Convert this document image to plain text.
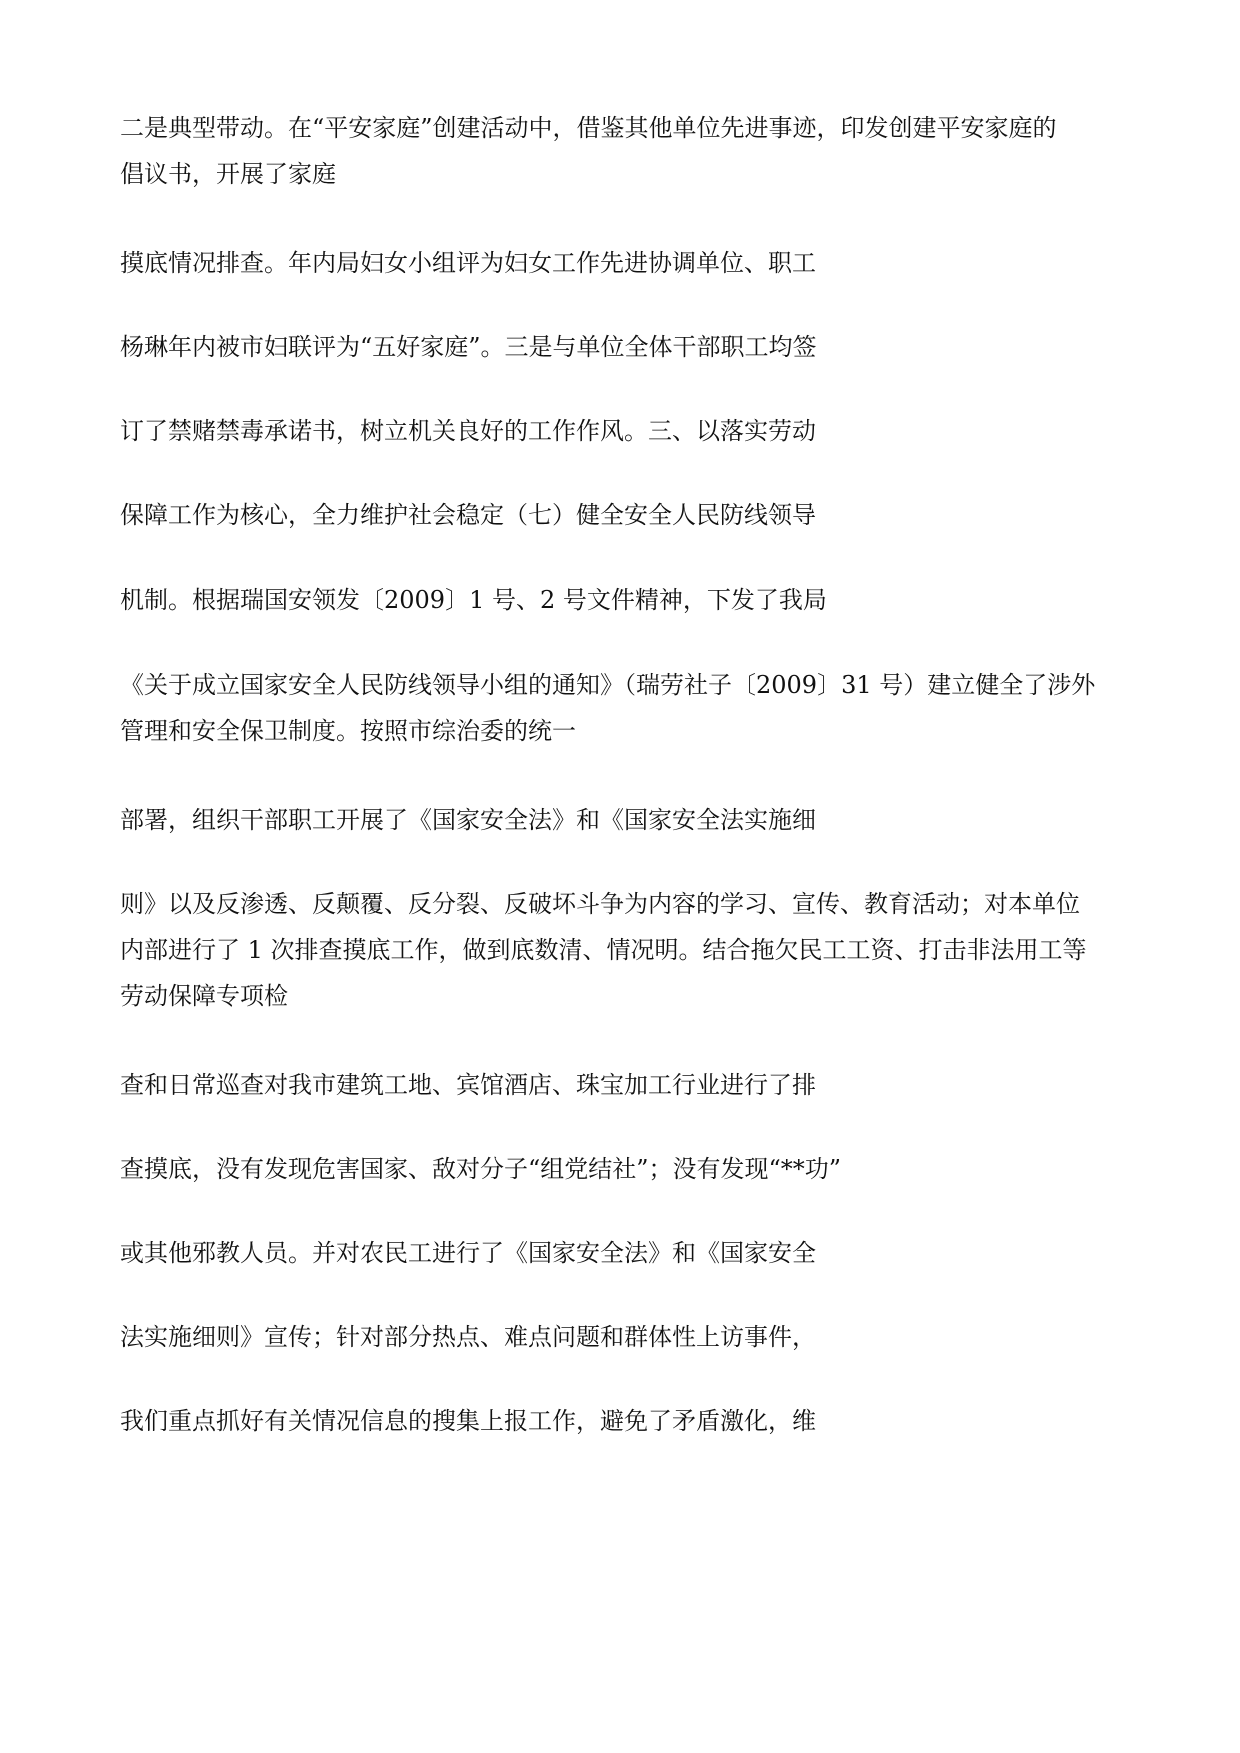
二是典型带动。在“平安家庭”创建活动中，借鉴其他单位先进事迹，印发创建平安家庭的

倡议书，开展了家庭

摸底情况排查。年内局妇女小组评为妇女工作先进协调单位、职工

杨琳年内被市妇联评为“五好家庭”。三是与单位全体干部职工均签

订了禁赌禁毒承诺书，树立机关良好的工作作风。三、以落实劳动

保障工作为核心，全力维护社会稳定（七）健全安全人民防线领导

机制。根据瑞国安领发〔2009〕1 号、2 号文件精神，下发了我局

《关于成立国家安全人民防线领导小组的通知》（瑞劳社子〔2009〕31 号）建立健全了涉外

管理和安全保卫制度。按照市综治委的统一

部署，组织干部职工开展了《国家安全法》和《国家安全法实施细

则》以及反渗透、反颠覆、反分裂、反破坏斗争为内容的学习、宣传、教育活动；对本单位

内部进行了 1 次排查摸底工作，做到底数清、情况明。结合拖欠民工工资、打击非法用工等

劳动保障专项检

查和日常巡查对我市建筑工地、宾馆酒店、珠宝加工行业进行了排

查摸底，没有发现危害国家、敌对分子“组党结社”；没有发现“**功”

或其他邪教人员。并对农民工进行了《国家安全法》和《国家安全

法实施细则》宣传；针对部分热点、难点问题和群体性上访事件，

我们重点抓好有关情况信息的搜集上报工作，避免了矛盾激化，维
